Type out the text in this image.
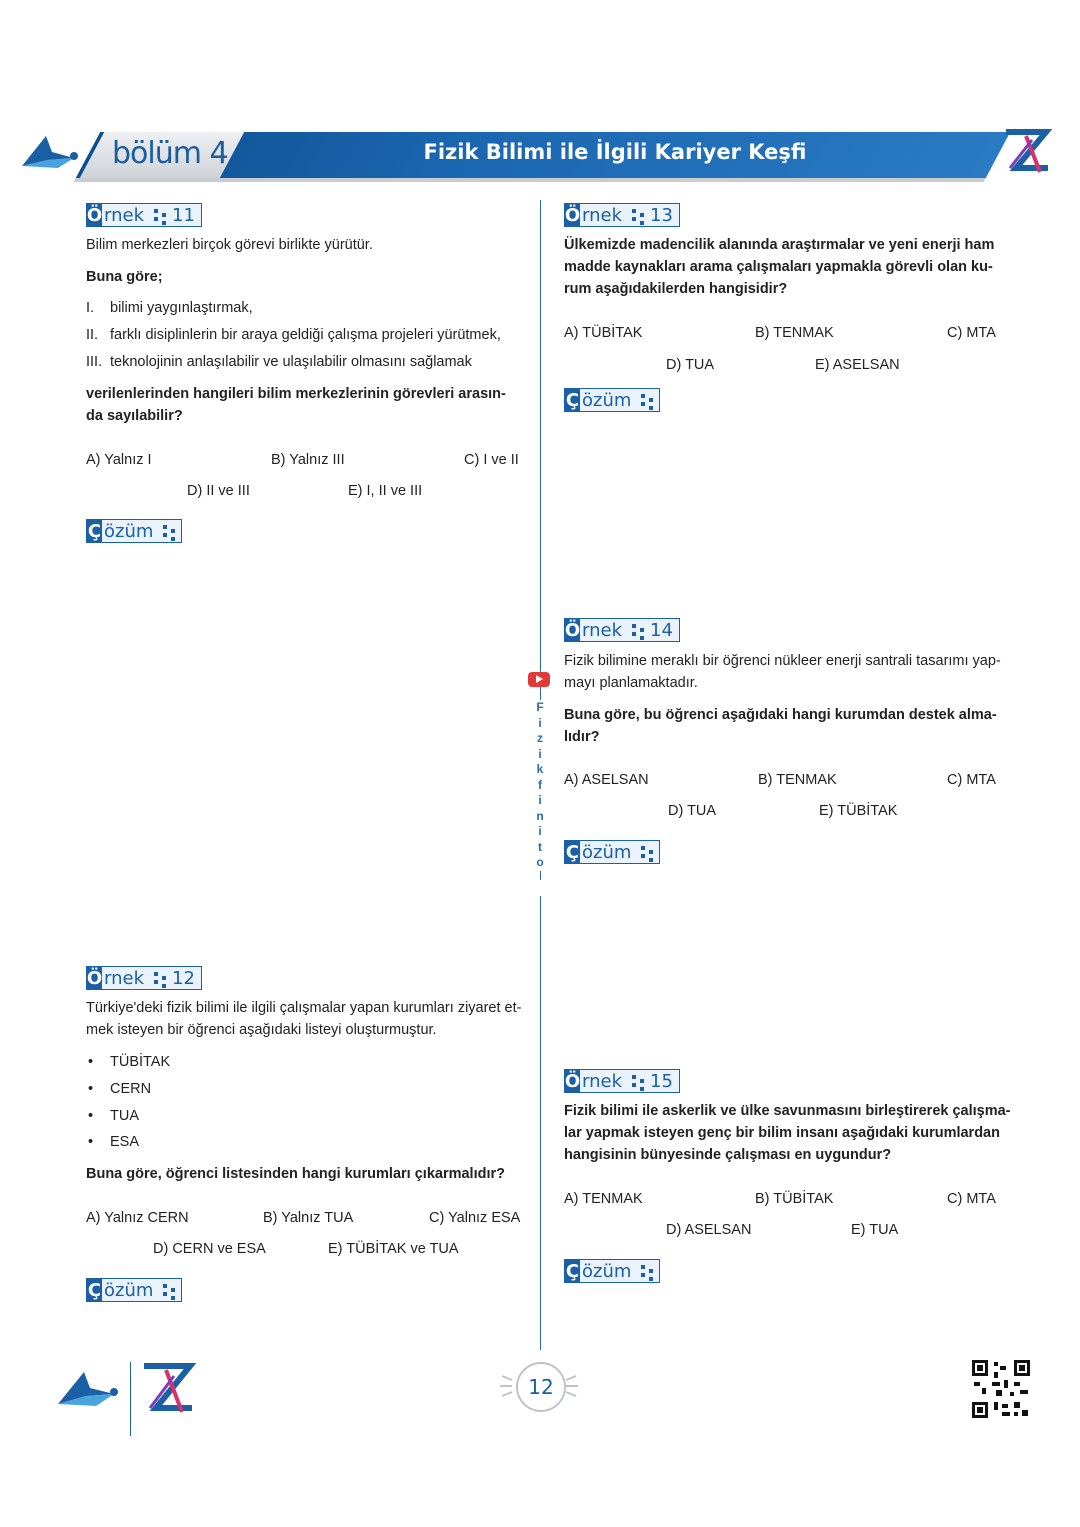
bölüm 4	Fizik Bilimi ile İlgili Kariyer Keşfi
Ö rnek 11
Bilim merkezleri birçok görevi birlikte yürütür.
Buna göre;
I. bilimi yaygınlaştırmak,
II. farklı disiplinlerin bir araya geldiği çalışma projeleri yürütmek,
III. teknolojinin anlaşılabilir ve ulaşılabilir olmasını sağlamak
verilenlerinden hangileri bilim merkezlerinin görevleri arasın-
da sayılabilir?
A) Yalnız I	B) Yalnız III	C) I ve II
D) II ve III	E) I, II ve III
Ç özüm
Ö rnek 12
Türkiye'deki fizik bilimi ile ilgili çalışmalar yapan kurumları ziyaret et-
mek isteyen bir öğrenci aşağıdaki listeyi oluşturmuştur.
• TÜBİTAK
• CERN
• TUA
• ESA
Buna göre, öğrenci listesinden hangi kurumları çıkarmalıdır?
A) Yalnız CERN	B) Yalnız TUA	C) Yalnız ESA
D) CERN ve ESA	E) TÜBİTAK ve TUA
Ç özüm
F
i
z
i
k
f
i
n
i
t
o
Ö rnek 13
Ülkemizde madencilik alanında araştırmalar ve yeni enerji ham
madde kaynakları arama çalışmaları yapmakla görevli olan ku-
rum aşağıdakilerden hangisidir?
A) TÜBİTAK	B) TENMAK	C) MTA
D) TUA	E) ASELSAN
Ç özüm
Ö rnek 14
Fizik bilimine meraklı bir öğrenci nükleer enerji santrali tasarımı yap-
mayı planlamaktadır.
Buna göre, bu öğrenci aşağıdaki hangi kurumdan destek alma-
lıdır?
A) ASELSAN	B) TENMAK	C) MTA
D) TUA	E) TÜBİTAK
Ç özüm
Ö rnek 15
Fizik bilimi ile askerlik ve ülke savunmasını birleştirerek çalışma-
lar yapmak isteyen genç bir bilim insanı aşağıdaki kurumlardan
hangisinin bünyesinde çalışması en uygundur?
A) TENMAK	B) TÜBİTAK	C) MTA
D) ASELSAN	E) TUA
Ç özüm
12
